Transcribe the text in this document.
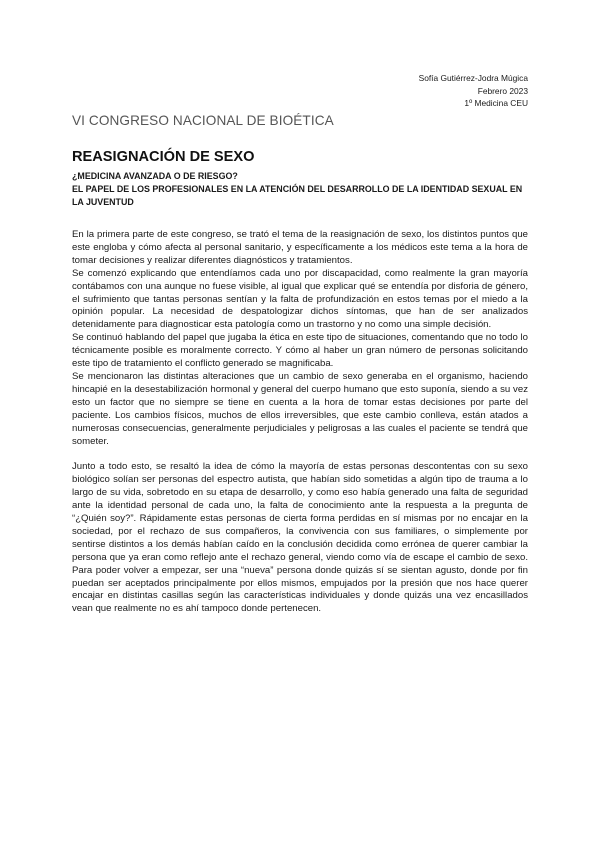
Sofía Gutiérrez-Jodra Múgica
Febrero 2023
1º Medicina CEU
VI CONGRESO NACIONAL DE BIOÉTICA
REASIGNACIÓN DE SEXO
¿MEDICINA AVANZADA O DE RIESGO?
EL PAPEL DE LOS PROFESIONALES EN LA ATENCIÓN DEL DESARROLLO DE LA IDENTIDAD SEXUAL EN LA JUVENTUD

En la primera parte de este congreso, se trató el tema de la reasignación de sexo, los distintos puntos que este engloba y cómo afecta al personal sanitario, y específicamente a los médicos este tema a la hora de tomar decisiones y realizar diferentes diagnósticos y tratamientos.

Se comenzó explicando que entendíamos cada uno por discapacidad, como realmente la gran mayoría contábamos con una aunque no fuese visible, al igual que explicar qué se entendía por disforia de género, el sufrimiento que tantas personas sentían y la falta de profundización en estos temas por el miedo a la opinión popular. La necesidad de despatologizar dichos síntomas, que han de ser analizados detenidamente para diagnosticar esta patología como un trastorno y no como una simple decisión.

Se continuó hablando del papel que jugaba la ética en este tipo de situaciones, comentando que no todo lo técnicamente posible es moralmente correcto. Y cómo al haber un gran número de personas solicitando este tipo de tratamiento el conflicto generado se magnificaba.

Se mencionaron las distintas alteraciones que un cambio de sexo generaba en el organismo, haciendo hincapié en la desestabilización hormonal y general del cuerpo humano que esto suponía, siendo a su vez esto un factor que no siempre se tiene en cuenta a la hora de tomar estas decisiones por parte del paciente. Los cambios físicos, muchos de ellos irreversibles, que este cambio conlleva, están atados a numerosas consecuencias, generalmente perjudiciales y peligrosas a las cuales el paciente se tendrá que someter.

Junto a todo esto, se resaltó la idea de cómo la mayoría de estas personas descontentas con su sexo biológico solían ser personas del espectro autista, que habían sido sometidas a algún tipo de trauma a lo largo de su vida, sobretodo en su etapa de desarrollo, y como eso había generado una falta de seguridad ante la identidad personal de cada uno, la falta de conocimiento ante la respuesta a la pregunta de “¿Quién soy?”. Rápidamente estas personas de cierta forma perdidas en sí mismas por no encajar en la sociedad, por el rechazo de sus compañeros, la convivencia con sus familiares, o simplemente por sentirse distintos a los demás habían caído en la conclusión decidida como errónea de querer cambiar la persona que ya eran como reflejo ante el rechazo general, viendo como vía de escape el cambio de sexo. Para poder volver a empezar, ser una “nueva” persona donde quizás sí se sientan agusto, donde por fin puedan ser aceptados principalmente por ellos mismos, empujados por la presión que nos hace querer encajar en distintas casillas según las características individuales y donde quizás una vez encasillados vean que realmente no es ahí tampoco donde pertenecen.
